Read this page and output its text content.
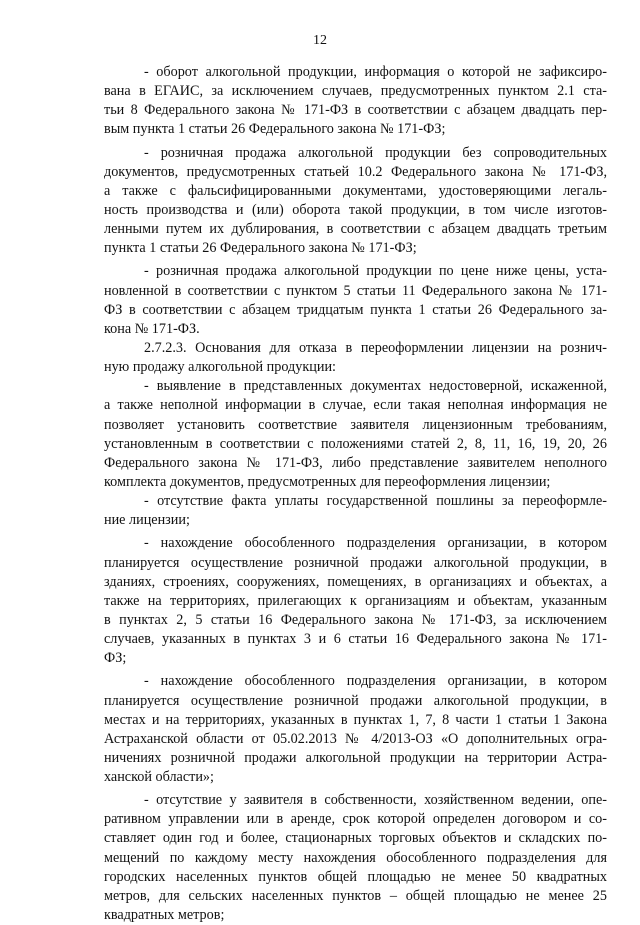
12
- оборот алкогольной продукции, информация о которой не зафиксиро-
вана в ЕГАИС, за исключением случаев, предусмотренных пунктом 2.1 ста-
тьи 8 Федерального закона № 171-ФЗ в соответствии с абзацем двадцать пер-
вым пункта 1 статьи 26 Федерального закона № 171-ФЗ;
- розничная продажа алкогольной продукции без сопроводительных
документов, предусмотренных статьей 10.2 Федерального закона № 171-ФЗ,
а также с фальсифицированными документами, удостоверяющими легаль-
ность производства и (или) оборота такой продукции, в том числе изготов-
ленными путем их дублирования, в соответствии с абзацем двадцать третьим
пункта 1 статьи 26 Федерального закона № 171-ФЗ;
- розничная продажа алкогольной продукции по цене ниже цены, уста-
новленной в соответствии с пунктом 5 статьи 11 Федерального закона № 171-
ФЗ в соответствии с абзацем тридцатым пункта 1 статьи 26 Федерального за-
кона № 171-ФЗ.
2.7.2.3. Основания для отказа в переоформлении лицензии на рознич-
ную продажу алкогольной продукции:
- выявление в представленных документах недостоверной, искаженной,
а также неполной информации в случае, если такая неполная информация не
позволяет установить соответствие заявителя лицензионным требованиям,
установленным в соответствии с положениями статей 2, 8, 11, 16, 19, 20, 26
Федерального закона № 171-ФЗ, либо представление заявителем неполного
комплекта документов, предусмотренных для переоформления лицензии;
- отсутствие факта уплаты государственной пошлины за переоформле-
ние лицензии;
- нахождение обособленного подразделения организации, в котором
планируется осуществление розничной продажи алкогольной продукции, в
зданиях, строениях, сооружениях, помещениях, в организациях и объектах, а
также на территориях, прилегающих к организациям и объектам, указанным
в пунктах 2, 5 статьи 16 Федерального закона № 171-ФЗ, за исключением
случаев, указанных в пунктах 3 и 6 статьи 16 Федерального закона № 171-
ФЗ;
- нахождение обособленного подразделения организации, в котором
планируется осуществление розничной продажи алкогольной продукции, в
местах и на территориях, указанных в пунктах 1, 7, 8 части 1 статьи 1 Закона
Астраханской области от 05.02.2013 № 4/2013-ОЗ «О дополнительных огра-
ничениях розничной продажи алкогольной продукции на территории Астра-
ханской области»;
- отсутствие у заявителя в собственности, хозяйственном ведении, опе-
ративном управлении или в аренде, срок которой определен договором и со-
ставляет один год и более, стационарных торговых объектов и складских по-
мещений по каждому месту нахождения обособленного подразделения для
городских населенных пунктов общей площадью не менее 50 квадратных
метров, для сельских населенных пунктов – общей площадью не менее 25
квадратных метров;
